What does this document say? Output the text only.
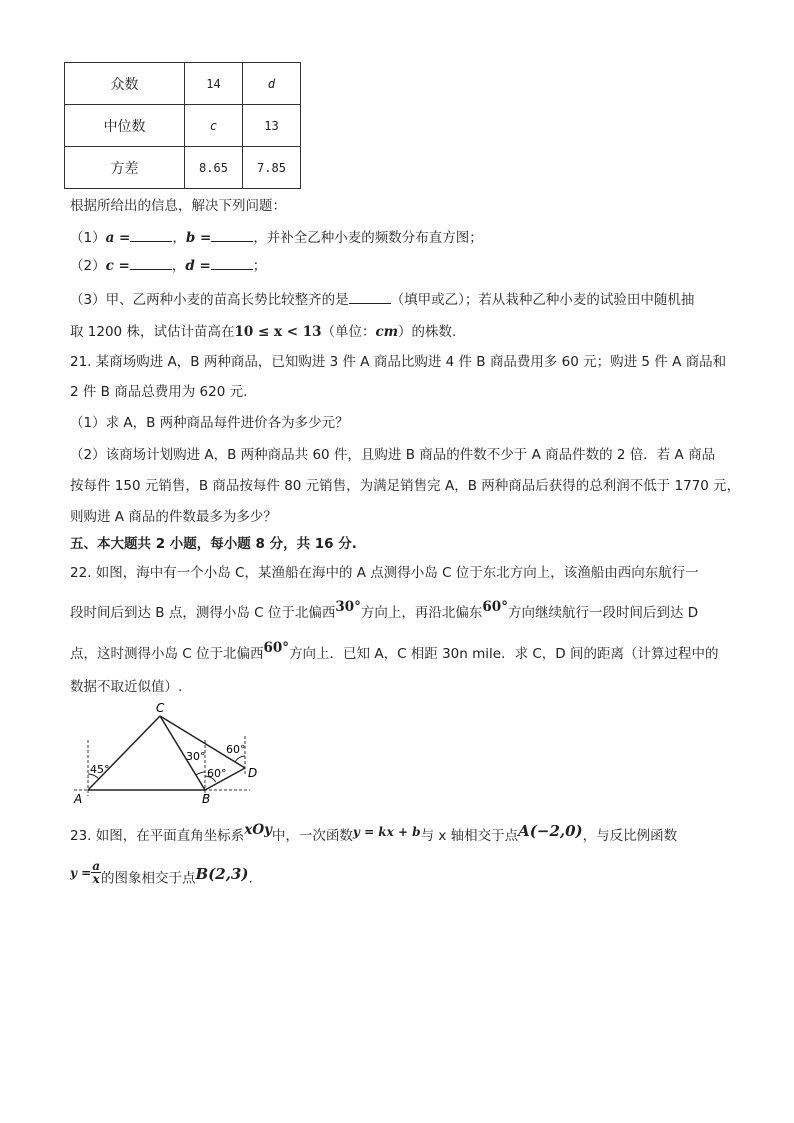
众数	14	d
中位数	c	13
方差	8.65	7.85
根据所给出的信息，解决下列问题：
（1）a =	，b =	，并补全乙种小麦的频数分布直方图；
（2）c =	，d =	；
（3）甲、乙两种小麦的苗高长势比较整齐的是	（填甲或乙）；若从栽种乙种小麦的试验田中随机抽
取 1200 株，试估计苗高在10 ≤ x < 13（单位：cm）的株数.
21. 某商场购进 A，B 两种商品，已知购进 3 件 A 商品比购进 4 件 B 商品费用多 60 元；购进 5 件 A 商品和
2 件 B 商品总费用为 620 元.
（1）求 A，B 两种商品每件进价各为多少元？
（2）该商场计划购进 A，B 两种商品共 60 件，且购进 B 商品的件数不少于 A 商品件数的 2 倍．若 A 商品
按每件 150 元销售，B 商品按每件 80 元销售，为满足销售完 A，B 两种商品后获得的总利润不低于 1770 元，
则购进 A 商品的件数最多为多少？
五、本大题共 2 小题，每小题 8 分，共 16 分.
22. 如图，海中有一个小岛 C，某渔船在海中的 A 点测得小岛 C 位于东北方向上，该渔船由西向东航行一
段时间后到达 B 点，测得小岛 C 位于北偏西30°方向上，再沿北偏东60°方向继续航行一段时间后到达 D
点，这时测得小岛 C 位于北偏西60°方向上．已知 A，C 相距 30n mile．求 C，D 间的距离（计算过程中的
数据不取近似值）.
C
A	B
D
45°
30°
60°
60°
23. 如图，在平面直角坐标系xOy中，一次函数y = kx + b与 x 轴相交于点A(−2,0)，与反比例函数
$y = \frac{a}{x}$ 的图象相交于点B(2,3).
